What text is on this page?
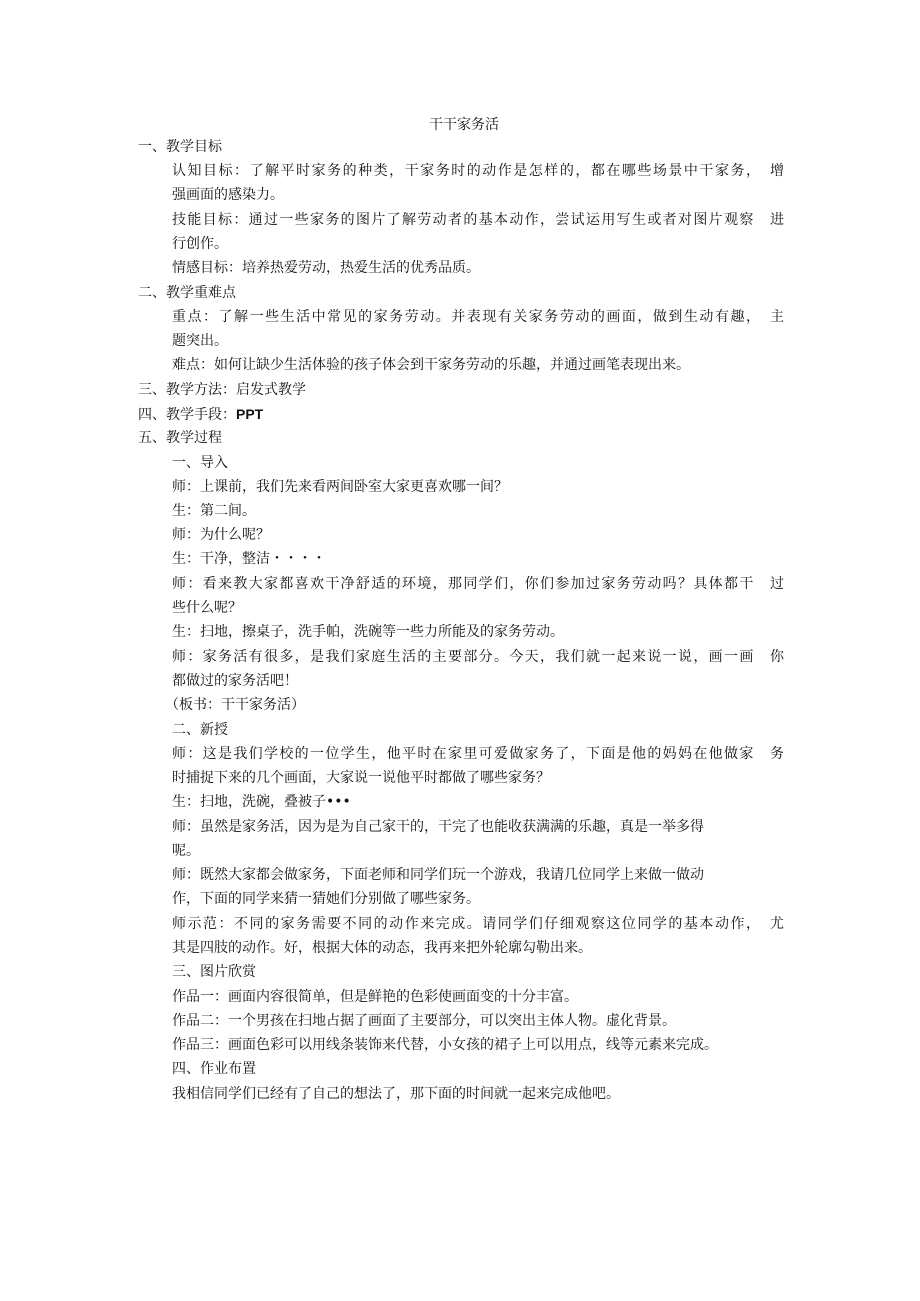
干干家务活
一、教学目标
认知目标：了解平时家务的种类，干家务时的动作是怎样的，都在哪些场景中干家务，　增
强画面的感染力。
技能目标：通过一些家务的图片了解劳动者的基本动作，尝试运用写生或者对图片观察　进
行创作。
情感目标：培养热爱劳动，热爱生活的优秀品质。
二、教学重难点
重点：了解一些生活中常见的家务劳动。并表现有关家务劳动的画面，做到生动有趣，　主
题突出。
难点：如何让缺少生活体验的孩子体会到干家务劳动的乐趣，并通过画笔表现出来。
三、教学方法：启发式教学
四、教学手段：PPT
五、教学过程
一、导入
师：上课前，我们先来看两间卧室大家更喜欢哪一间？
生：第二间。
师：为什么呢？
生：干净，整洁・・・・
师：看来教大家都喜欢干净舒适的环境，那同学们，你们参加过家务劳动吗？具体都干　过
些什么呢？
生：扫地，擦桌子，洗手帕，洗碗等一些力所能及的家务劳动。
师：家务活有很多，是我们家庭生活的主要部分。今天，我们就一起来说一说，画一画　你
都做过的家务活吧！
（板书：干干家务活）
二、新授
师：这是我们学校的一位学生，他平时在家里可爱做家务了，下面是他的妈妈在他做家　务
时捕捉下来的几个画面，大家说一说他平时都做了哪些家务？
生：扫地，洗碗，叠被子•••
师：虽然是家务活，因为是为自己家干的，干完了也能收获满满的乐趣，真是一举多得
呢。
师：既然大家都会做家务，下面老师和同学们玩一个游戏，我请几位同学上来做一做动
作，下面的同学来猜一猜她们分别做了哪些家务。
师示范：不同的家务需要不同的动作来完成。请同学们仔细观察这位同学的基本动作，　尤
其是四肢的动作。好，根据大体的动态，我再来把外轮廓勾勒出来。
三、图片欣赏
作品一：画面内容很简单，但是鲜艳的色彩使画面变的十分丰富。
作品二：一个男孩在扫地占据了画面了主要部分，可以突出主体人物。虚化背景。
作品三：画面色彩可以用线条装饰来代替，小女孩的裙子上可以用点，线等元素来完成。
四、作业布置
我相信同学们已经有了自己的想法了，那下面的时间就一起来完成他吧。
